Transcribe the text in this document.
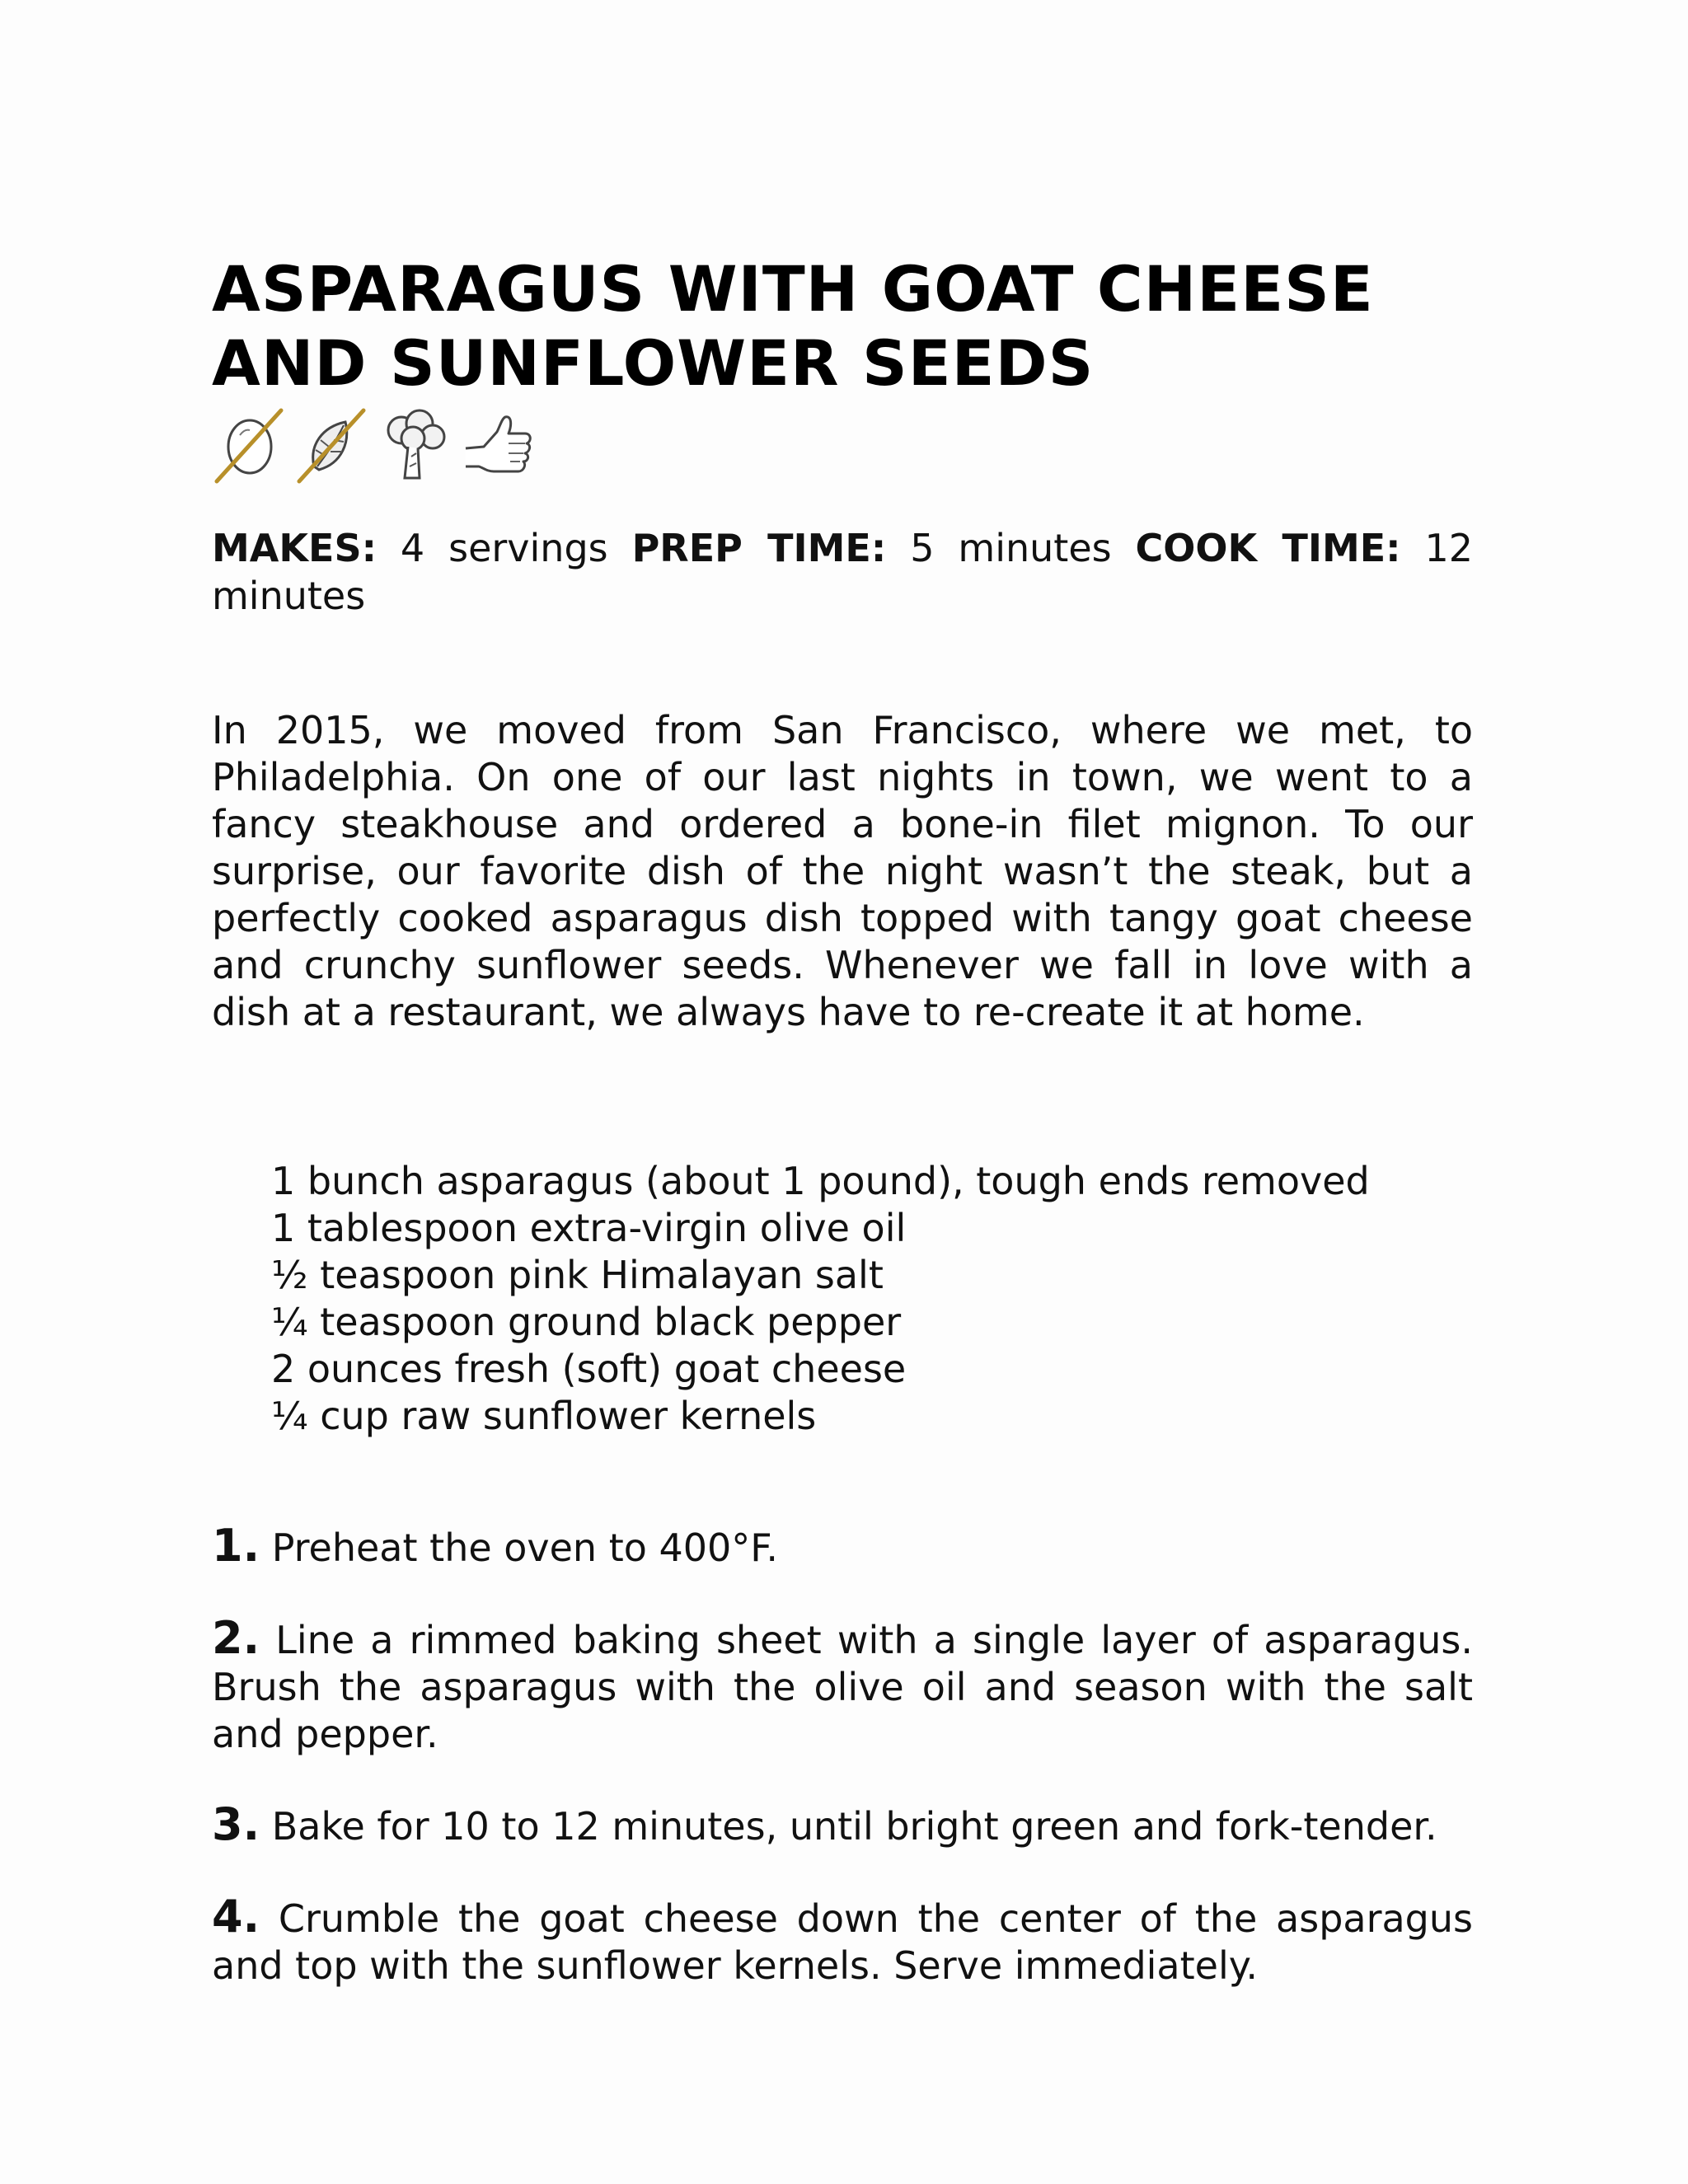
ASPARAGUS WITH GOAT CHEESE
AND SUNFLOWER SEEDS

MAKES: 4 servings PREP TIME: 5 minutes COOK TIME: 12 minutes

In 2015, we moved from San Francisco, where we met, to Philadelphia. On one of our last nights in town, we went to a fancy steakhouse and ordered a bone-in filet mignon. To our surprise, our favorite dish of the night wasn’t the steak, but a perfectly cooked asparagus dish topped with tangy goat cheese and crunchy sunflower seeds. Whenever we fall in love with a dish at a restaurant, we always have to re-create it at home.

1 bunch asparagus (about 1 pound), tough ends removed
1 tablespoon extra-virgin olive oil
½ teaspoon pink Himalayan salt
¼ teaspoon ground black pepper
2 ounces fresh (soft) goat cheese
¼ cup raw sunflower kernels

1. Preheat the oven to 400°F.

2. Line a rimmed baking sheet with a single layer of asparagus. Brush the asparagus with the olive oil and season with the salt and pepper.

3. Bake for 10 to 12 minutes, until bright green and fork-tender.

4. Crumble the goat cheese down the center of the asparagus and top with the sunflower kernels. Serve immediately.
